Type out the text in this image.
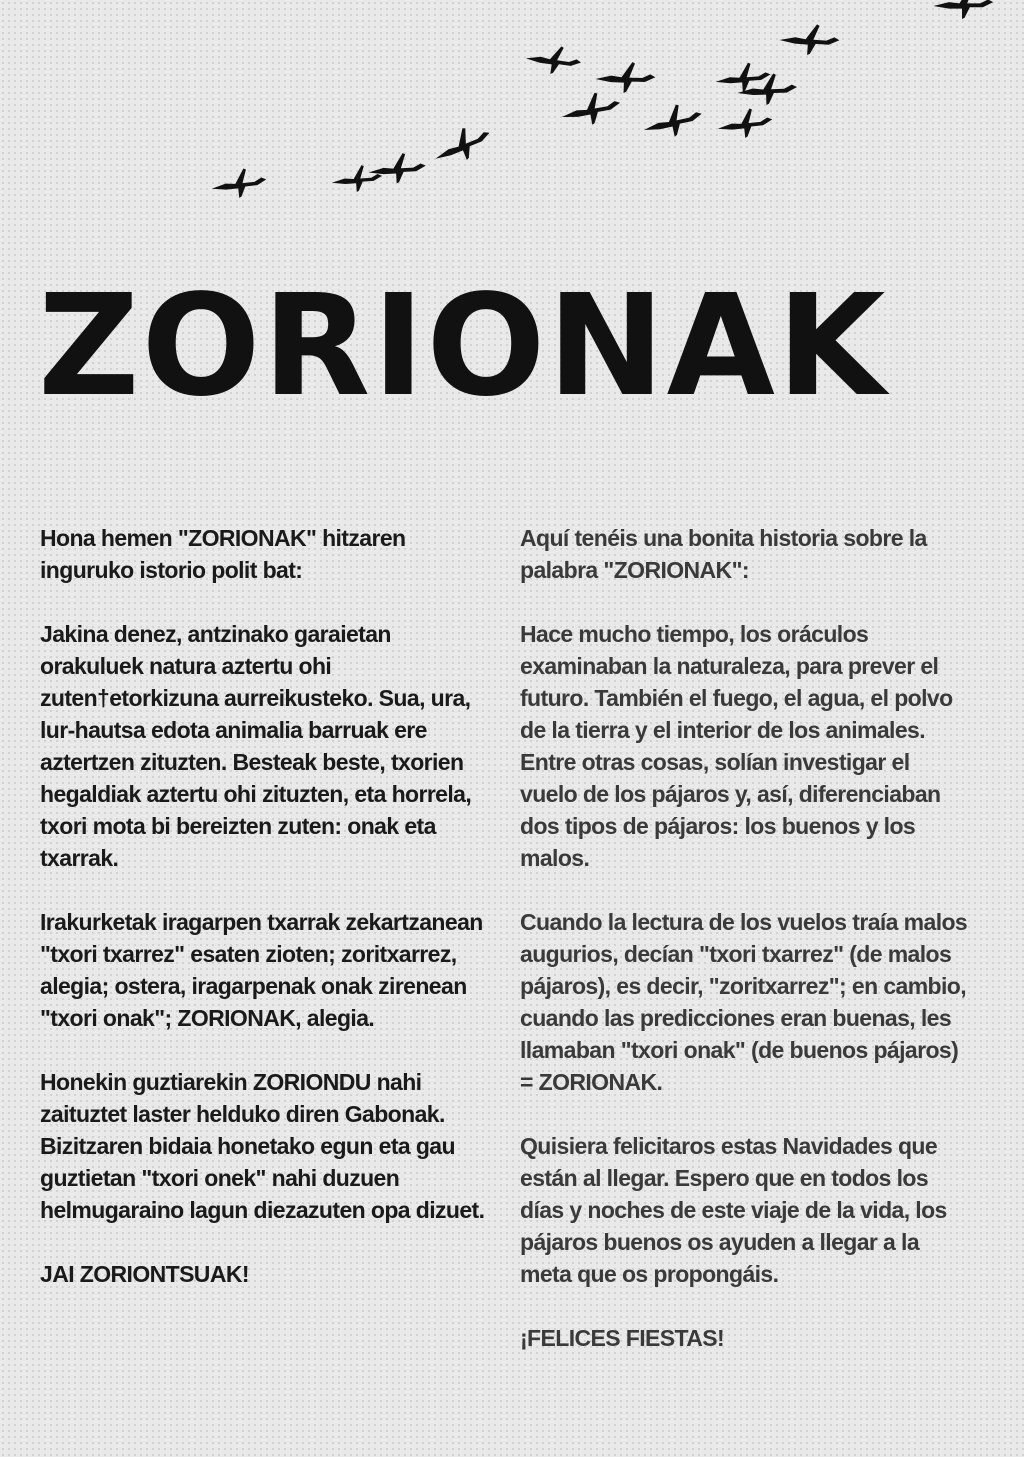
ZORIONAK

Hona hemen "ZORIONAK" hitzaren inguruko istorio polit bat:

Jakina denez, antzinako garaietan orakuluek natura aztertu ohi zuten†etorkizuna aurreikusteko. Sua, ura, lur-hautsa edota animalia barruak ere aztertzen zituzten. Besteak beste, txorien hegaldiak aztertu ohi zituzten, eta horrela, txori mota bi bereizten zuten: onak eta txarrak.

Irakurketak iragarpen txarrak zekartzanean "txori txarrez" esaten zioten; zoritxarrez, alegia; ostera, iragarpenak onak zirenean "txori onak"; ZORIONAK, alegia.

Honekin guztiarekin ZORIONDU nahi zaituztet laster helduko diren Gabonak. Bizitzaren bidaia honetako egun eta gau guztietan "txori onek" nahi duzuen helmugaraino lagun diezazuten opa dizuet.

JAI ZORIONTSUAK!

Aquí tenéis una bonita historia sobre la palabra "ZORIONAK":

Hace mucho tiempo, los oráculos examinaban la naturaleza, para prever el futuro. También el fuego, el agua, el polvo de la tierra y el interior de los animales. Entre otras cosas, solían investigar el vuelo de los pájaros y, así, diferenciaban dos tipos de pájaros: los buenos y los malos.

Cuando la lectura de los vuelos traía malos augurios, decían "txori txarrez" (de malos pájaros), es decir, "zoritxarrez"; en cambio, cuando las predicciones eran buenas, les llamaban "txori onak" (de buenos pájaros) = ZORIONAK.

Quisiera felicitaros estas Navidades que están al llegar. Espero que en todos los días y noches de este viaje de la vida, los pájaros buenos os ayuden a llegar a la meta que os propongáis.

¡FELICES FIESTAS!
